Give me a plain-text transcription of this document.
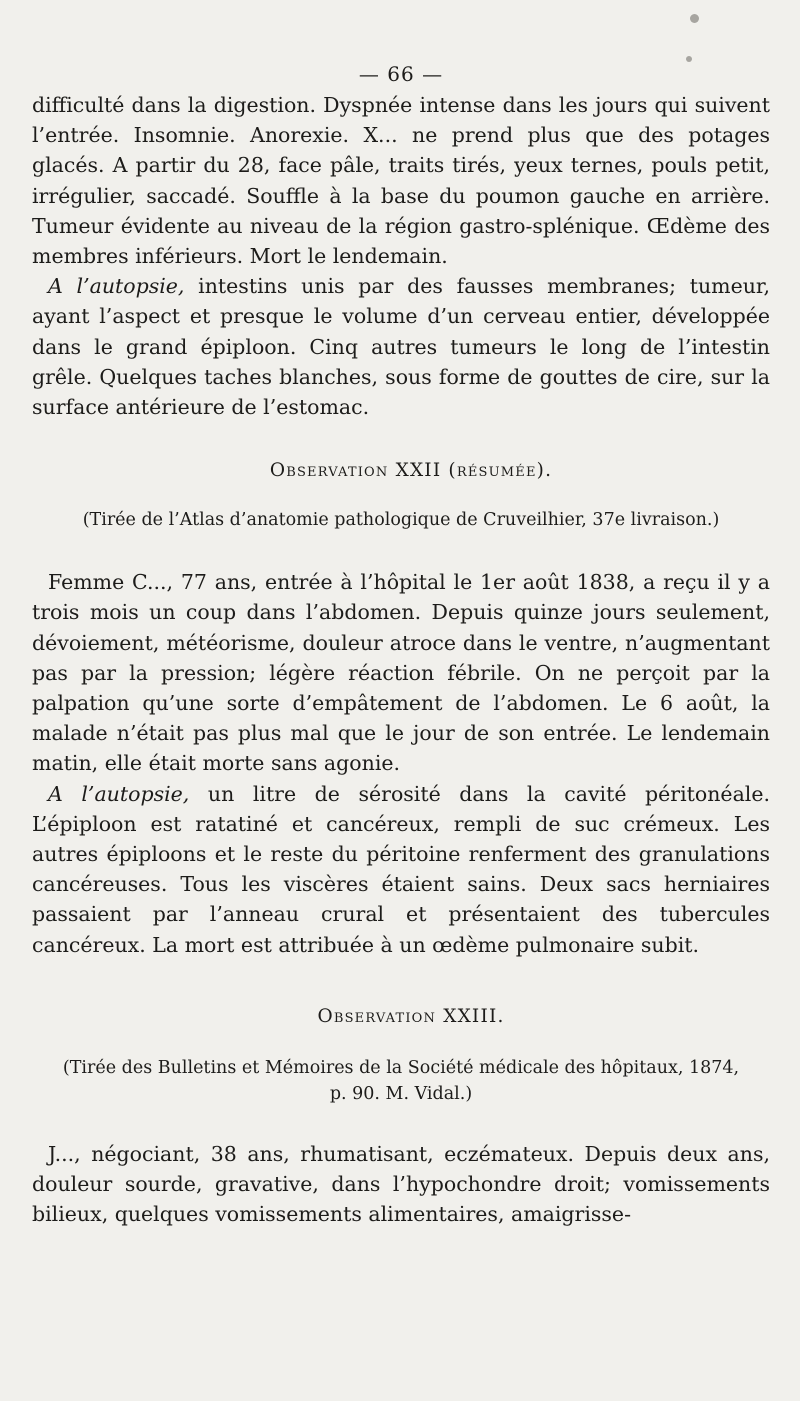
— 66 —

difficulté dans la digestion. Dyspnée intense dans les jours qui suivent l’entrée. Insomnie. Anorexie. X... ne prend plus que des potages glacés. A partir du 28, face pâle, traits tirés, yeux ternes, pouls petit, irrégulier, saccadé. Souffle à la base du poumon gauche en arrière. Tumeur évidente au niveau de la région gastro-splénique. Œdème des membres inférieurs. Mort le lendemain.

A l’autopsie, intestins unis par des fausses membranes; tumeur, ayant l’aspect et presque le volume d’un cerveau entier, développée dans le grand épiploon. Cinq autres tumeurs le long de l’intestin grêle. Quelques taches blanches, sous forme de gouttes de cire, sur la surface antérieure de l’estomac.

Observation XXII (résumée).
(Tirée de l’Atlas d’anatomie pathologique de Cruveilhier, 37e livraison.)

Femme C..., 77 ans, entrée à l’hôpital le 1er août 1838, a reçu il y a trois mois un coup dans l’abdomen. Depuis quinze jours seulement, dévoiement, météorisme, douleur atroce dans le ventre, n’augmentant pas par la pression; légère réaction fébrile. On ne perçoit par la palpation qu’une sorte d’empâtement de l’abdomen. Le 6 août, la malade n’était pas plus mal que le jour de son entrée. Le lendemain matin, elle était morte sans agonie.

A l’autopsie, un litre de sérosité dans la cavité péritonéale. L’épiploon est ratatiné et cancéreux, rempli de suc crémeux. Les autres épiploons et le reste du péritoine renferment des granulations cancéreuses. Tous les viscères étaient sains. Deux sacs herniaires passaient par l’anneau crural et présentaient des tubercules cancéreux. La mort est attribuée à un œdème pulmonaire subit.

Observation XXIII.
(Tirée des Bulletins et Mémoires de la Société médicale des hôpitaux, 1874, p. 90. M. Vidal.)

J..., négociant, 38 ans, rhumatisant, eczémateux. Depuis deux ans, douleur sourde, gravative, dans l’hypochondre droit; vomissements bilieux, quelques vomissements alimentaires, amaigrisse-
